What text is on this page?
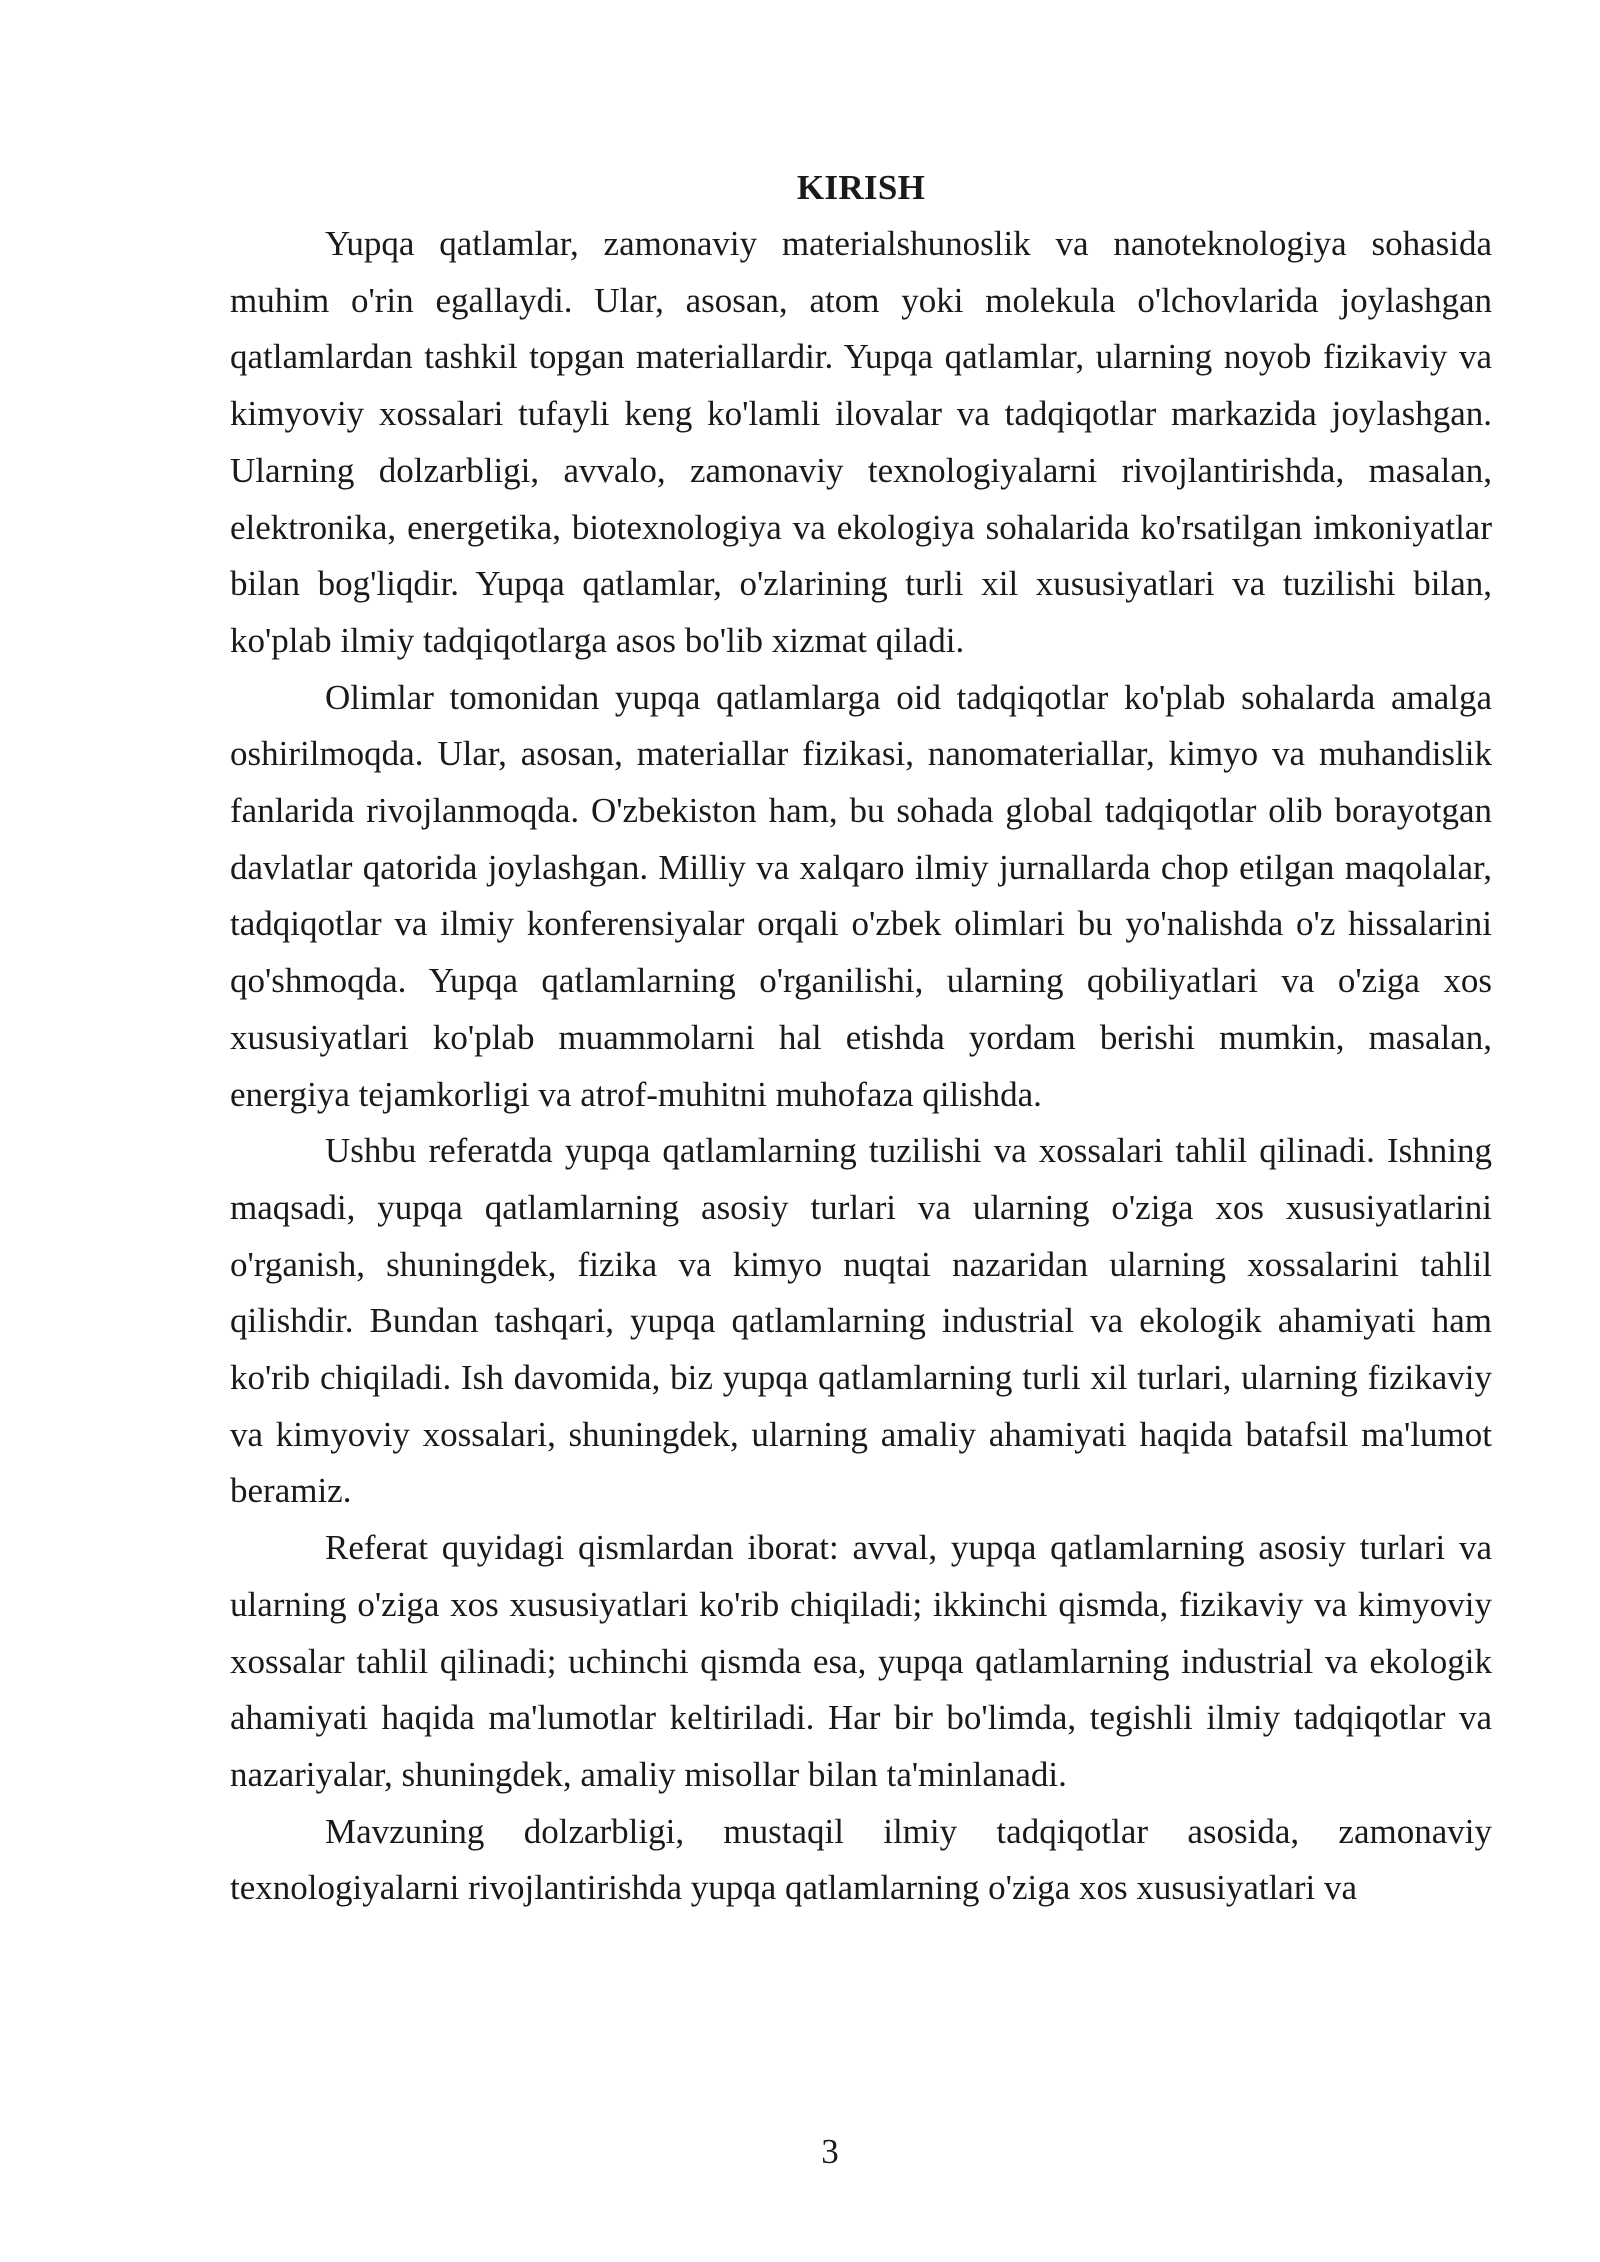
KIRISH

Yupqa qatlamlar, zamonaviy materialshunoslik va nanoteknologiya sohasida muhim o'rin egallaydi. Ular, asosan, atom yoki molekula o'lchovlarida joylashgan qatlamlardan tashkil topgan materiallardir. Yupqa qatlamlar, ularning noyob fizikaviy va kimyoviy xossalari tufayli keng ko'lamli ilovalar va tadqiqotlar markazida joylashgan. Ularning dolzarbligi, avvalo, zamonaviy texnologiyalarni rivojlantirishda, masalan, elektronika, energetika, biotexnologiya va ekologiya sohalarida ko'rsatilgan imkoniyatlar bilan bog'liqdir. Yupqa qatlamlar, o'zlarining turli xil xususiyatlari va tuzilishi bilan, ko'plab ilmiy tadqiqotlarga asos bo'lib xizmat qiladi.

Olimlar tomonidan yupqa qatlamlarga oid tadqiqotlar ko'plab sohalarda amalga oshirilmoqda. Ular, asosan, materiallar fizikasi, nanomateriallar, kimyo va muhandislik fanlarida rivojlanmoqda. O'zbekiston ham, bu sohada global tadqiqotlar olib borayotgan davlatlar qatorida joylashgan. Milliy va xalqaro ilmiy jurnallarda chop etilgan maqolalar, tadqiqotlar va ilmiy konferensiyalar orqali o'zbek olimlari bu yo'nalishda o'z hissalarini qo'shmoqda. Yupqa qatlamlarning o'rganilishi, ularning qobiliyatlari va o'ziga xos xususiyatlari ko'plab muammolarni hal etishda yordam berishi mumkin, masalan, energiya tejamkorligi va atrof-muhitni muhofaza qilishda.

Ushbu referatda yupqa qatlamlarning tuzilishi va xossalari tahlil qilinadi. Ishning maqsadi, yupqa qatlamlarning asosiy turlari va ularning o'ziga xos xususiyatlarini o'rganish, shuningdek, fizika va kimyo nuqtai nazaridan ularning xossalarini tahlil qilishdir. Bundan tashqari, yupqa qatlamlarning industrial va ekologik ahamiyati ham ko'rib chiqiladi. Ish davomida, biz yupqa qatlamlarning turli xil turlari, ularning fizikaviy va kimyoviy xossalari, shuningdek, ularning amaliy ahamiyati haqida batafsil ma'lumot beramiz.

Referat quyidagi qismlardan iborat: avval, yupqa qatlamlarning asosiy turlari va ularning o'ziga xos xususiyatlari ko'rib chiqiladi; ikkinchi qismda, fizikaviy va kimyoviy xossalar tahlil qilinadi; uchinchi qismda esa, yupqa qatlamlarning industrial va ekologik ahamiyati haqida ma'lumotlar keltiriladi. Har bir bo'limda, tegishli ilmiy tadqiqotlar va nazariyalar, shuningdek, amaliy misollar bilan ta'minlanadi.

Mavzuning dolzarbligi, mustaqil ilmiy tadqiqotlar asosida, zamonaviy texnologiyalarni rivojlantirishda yupqa qatlamlarning o'ziga xos xususiyatlari va

3
